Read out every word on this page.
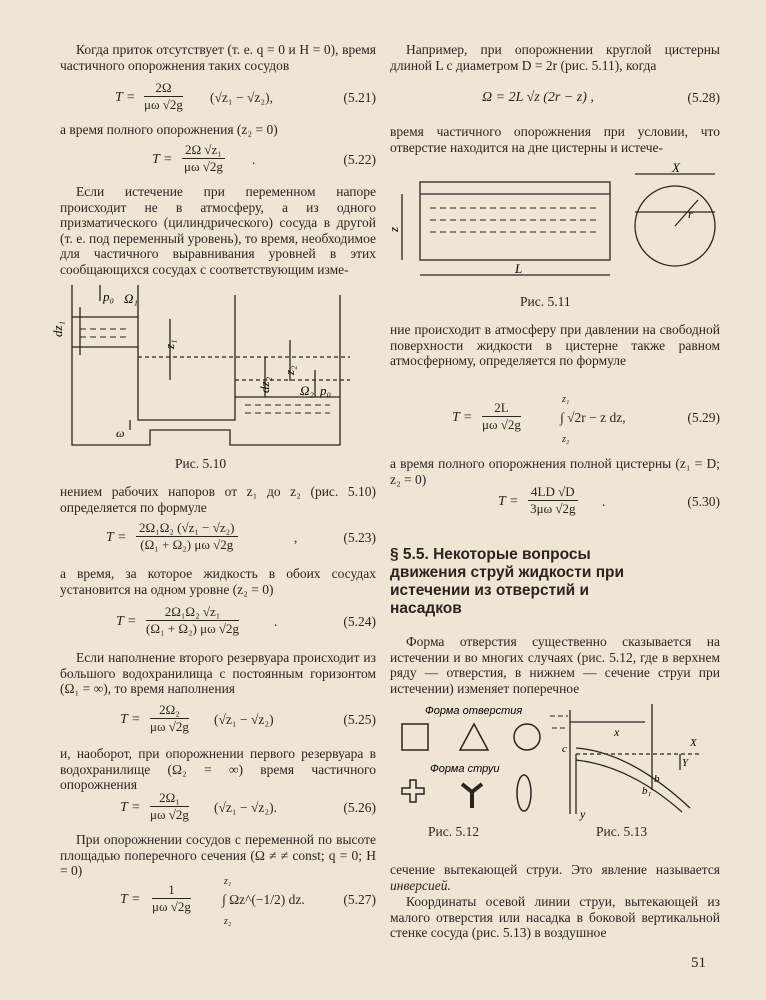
Когда приток отсутствует (т. е. q = 0 и H = 0), время частичного опорожнения таких сосудов

$T = \frac{2\Omega}{\mu\omega √2g} (√z_1 - √z_2)$,	(5.21)

а время полного опорожнения (z₂ = 0)

$T = \frac{\text{2Ω √z₁}}{\mu\omega √2g}$ .	(5.22)

Если истечение при переменном напоре происходит не в атмосферу, а из одного призматического (цилиндрического) сосуда в другой (т. е. под переменный уровень), то время, необходимое для частичного выравнивания уровней в этих сообщающихся сосудах с соответствующим изме-

p₀ Ω₁
dz₁
z₁
z₂
dz₂ Ω₂ p₀
ω
Рис. 5.10

нением рабочих напоров от z₁ до z₂ (рис. 5.10) определяется по формуле

$T = \frac{\text{2Ω₁Ω₂ (√z₁ − √z₂)}}{\text{(Ω₁ + Ω₂) μω √2g}}$	,	(5.23)

а время, за которое жидкость в обоих сосудах установится на одном уровне (z₂ = 0)

$T = \frac{\text{2Ω₁Ω₂ √z₁}}{\text{(Ω₁ + Ω₂) μω √2g}}$	.	(5.24)

Если наполнение второго резервуара происходит из большого водохранилища с постоянным горизонтом (Ω₁ = ∞), то время наполнения

$T = \frac{\text{2Ω₂}}{\mu\omega √2g} (√z_1 - √z_2)$	(5.25)

и, наоборот, при опорожнении первого резервуара в водохранилище (Ω₂ = ∞) время частичного опорожнения

$T = \frac{\text{2Ω₁}}{\mu\omega √2g} (√z_1 - √z_2)$.	(5.26)

При опорожнении сосудов с переменной по высоте площадью поперечного сечения (Ω ≠ ≠ const; q = 0; H = 0)

$T = \frac{1}{\mu\omega √2g}$
z₁
z₂
∫ Ωz^(−1/2) dz.	(5.27)

Например, при опорожнении круглой цистерны длиной L с диаметром D = 2r (рис. 5.11), когда

Ω = 2L √z (2r − z) ,	(5.28)

время частичного опорожнения при условии, что отверстие находится на дне цистерны и истече-

z
L
X
r
Рис. 5.11

ние происходит в атмосферу при давлении на свободной поверхности жидкости в цистерне также равном атмосферному, определяется по формуле

$T = \frac{2L}{\mu\omega √2g}$
z₁
z₂
∫ √2r − z dz,	(5.29)

а время полного опорожнения полной цистерны (z₁ = D; z₂ = 0)

$T = \frac{4LD √D}{3\mu\omega √2g}$ .	(5.30)
§ 5.5. Некоторые вопросы движения струй жидкости при истечении из отверстий и насадков

Форма отверстия существенно сказывается на истечении и во многих случаях (рис. 5.12, где в верхнем ряду — отверстия, в нижнем — сечение струи при истечении) изменяет поперечное

Форма отверстия
Форма струи
Рис. 5.12
x
X
Y
y
b
b₁
c
Рис. 5.13

сечение вытекающей струи. Это явление называется инверсией.

Координаты осевой линии струи, вытекающей из малого отверстия или насадка в боковой вертикальной стенке сосуда (рис. 5.13) в воздушное

51
